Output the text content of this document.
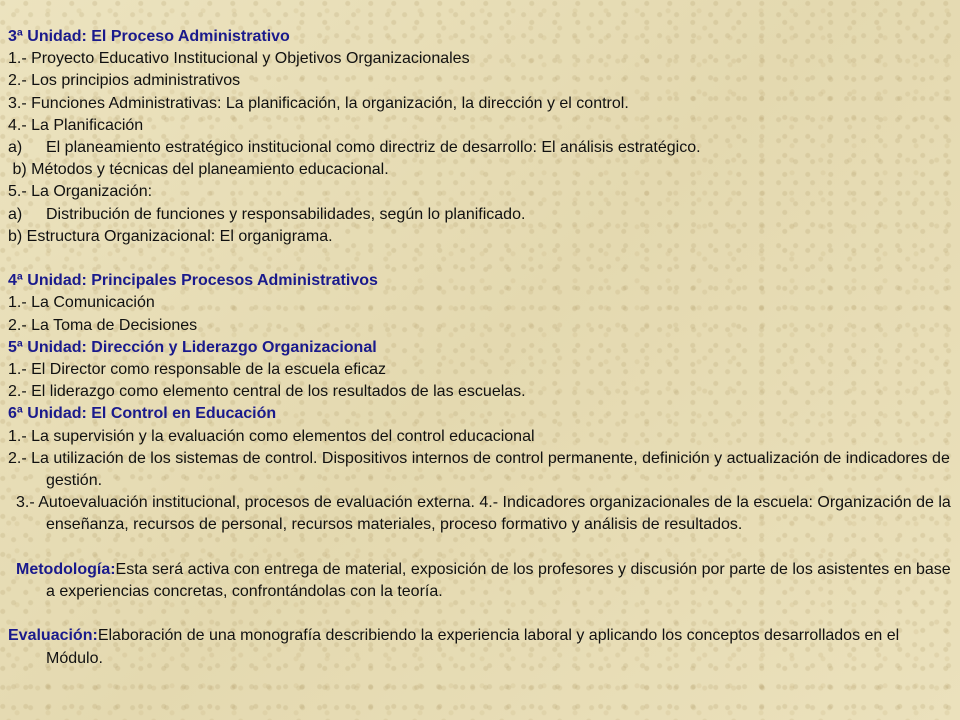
3ª Unidad: El Proceso Administrativo
1.- Proyecto Educativo Institucional y Objetivos Organizacionales
2.- Los principios administrativos
3.- Funciones Administrativas: La planificación, la organización, la dirección y el control.
4.- La Planificación
a) El planeamiento estratégico institucional como directriz de desarrollo: El análisis estratégico.
b) Métodos y técnicas del planeamiento educacional.
5.- La Organización:
a) Distribución de funciones y responsabilidades, según lo planificado.
b) Estructura Organizacional: El organigrama.
4ª Unidad: Principales Procesos Administrativos
1.- La Comunicación
2.- La Toma de Decisiones
5ª Unidad: Dirección y Liderazgo Organizacional
1.- El Director como responsable de la escuela eficaz
2.- El liderazgo como elemento central de los resultados de las escuelas.
6ª Unidad: El Control en Educación
1.- La supervisión y la evaluación como elementos del control educacional
2.- La utilización de los sistemas de control. Dispositivos internos de control permanente, definición y actualización de indicadores de gestión.
3.- Autoevaluación institucional, procesos de evaluación externa. 4.- Indicadores organizacionales de la escuela: Organización de la enseñanza, recursos de personal, recursos materiales, proceso formativo y análisis de resultados.
Metodología:Esta será activa con entrega de material, exposición de los profesores y discusión por parte de los asistentes en base a experiencias concretas, confrontándolas con la teoría.
Evaluación:Elaboración de una monografía describiendo la experiencia laboral y aplicando los conceptos desarrollados en el Módulo.
